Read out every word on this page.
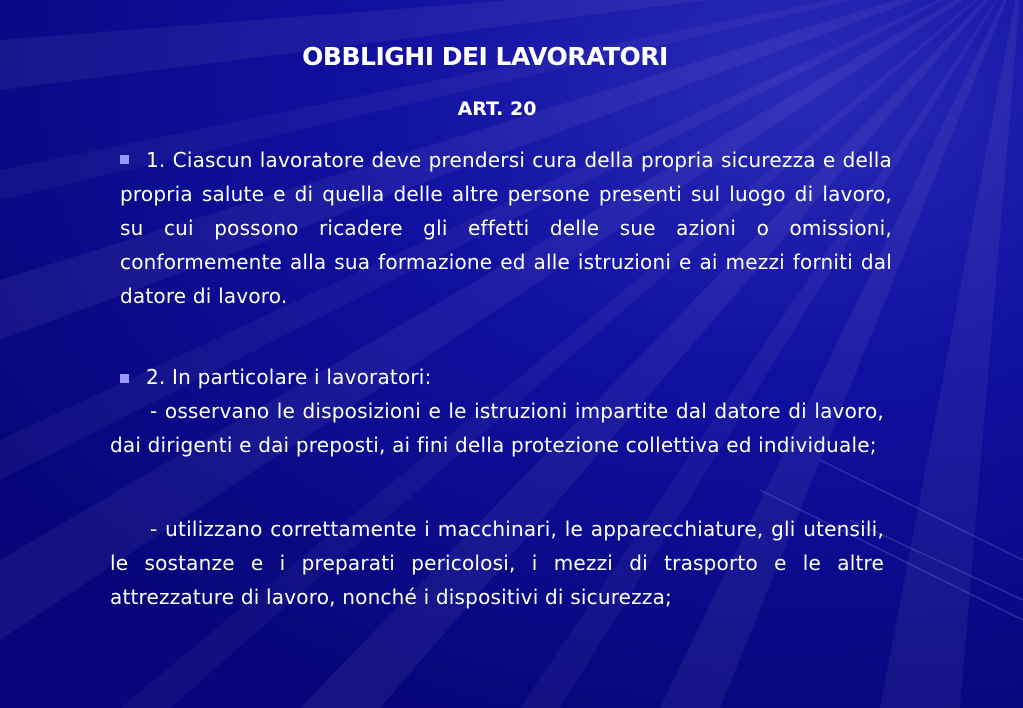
OBBLIGHI DEI LAVORATORI
ART. 20
1. Ciascun lavoratore deve prendersi cura della propria sicurezza e della propria salute e di quella delle altre persone presenti sul luogo di lavoro, su cui possono ricadere gli effetti delle sue azioni o omissioni, conformemente alla sua formazione ed alle istruzioni e ai mezzi forniti dal datore di lavoro.
2. In particolare i lavoratori:
- osservano le disposizioni e le istruzioni impartite dal datore di lavoro, dai dirigenti e dai preposti, ai fini della protezione collettiva ed individuale;
- utilizzano correttamente i macchinari, le apparecchiature, gli utensili, le sostanze e i preparati pericolosi, i mezzi di trasporto e le altre attrezzature di lavoro, nonché i dispositivi di sicurezza;
